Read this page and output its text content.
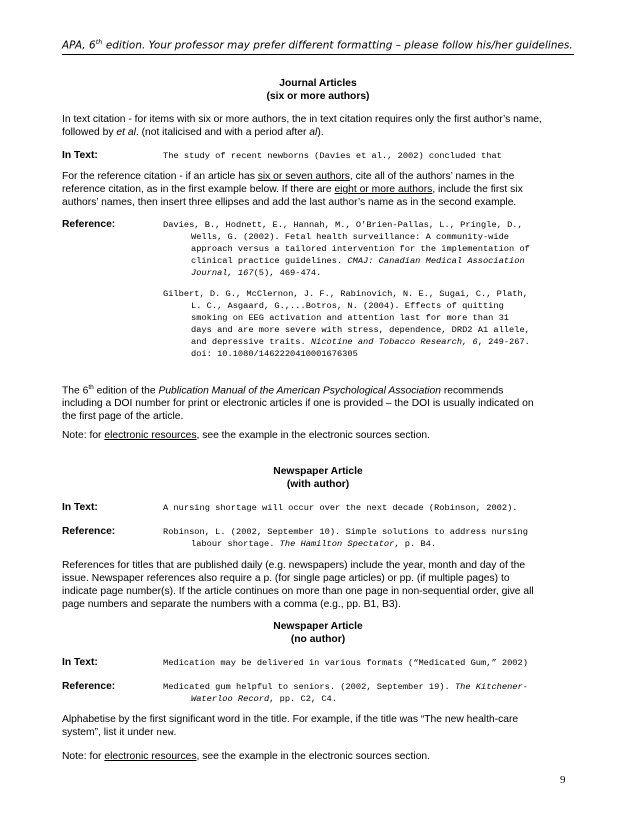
APA, 6th edition. Your professor may prefer different formatting – please follow his/her guidelines.
Journal Articles
(six or more authors)
In text citation - for items with six or more authors, the in text citation requires only the first author’s name,
followed by et al. (not italicised and with a period after al).
In Text:	The study of recent newborns (Davies et al., 2002) concluded that
For the reference citation - if an article has six or seven authors, cite all of the authors’ names in the
reference citation, as in the first example below. If there are eight or more authors, include the first six
authors’ names, then insert three ellipses and add the last author’s name as in the second example.
Reference:	Davies, B., Hodnett, E., Hannah, M., O'Brien-Pallas, L., Pringle, D.,
Wells, G. (2002). Fetal health surveillance: A community-wide
approach versus a tailored intervention for the implementation of
clinical practice guidelines. CMAJ: Canadian Medical Association
Journal, 167(5), 469-474.
Gilbert, D. G., McClernon, J. F., Rabinovich, N. E., Sugai, C., Plath,
L. C., Asgaard, G.,...Botros, N. (2004). Effects of quitting
smoking on EEG activation and attention last for more than 31
days and are more severe with stress, dependence, DRD2 A1 allele,
and depressive traits. Nicotine and Tobacco Research, 6, 249-267.
doi: 10.1080/1462220410001676305
The 6th edition of the Publication Manual of the American Psychological Association recommends
including a DOI number for print or electronic articles if one is provided – the DOI is usually indicated on
the first page of the article.
Note: for electronic resources, see the example in the electronic sources section.
Newspaper Article
(with author)
In Text:	A nursing shortage will occur over the next decade (Robinson, 2002).
Reference:	Robinson, L. (2002, September 10). Simple solutions to address nursing
labour shortage. The Hamilton Spectator, p. B4.
References for titles that are published daily (e.g. newspapers) include the year, month and day of the
issue. Newspaper references also require a p. (for single page articles) or pp. (if multiple pages) to
indicate page number(s). If the article continues on more than one page in non-sequential order, give all
page numbers and separate the numbers with a comma (e.g., pp. B1, B3).
Newspaper Article
(no author)
In Text:	Medication may be delivered in various formats (“Medicated Gum,” 2002)
Reference:	Medicated gum helpful to seniors. (2002, September 19). The Kitchener-
Waterloo Record, pp. C2, C4.
Alphabetise by the first significant word in the title. For example, if the title was “The new health-care
system”, list it under new.
Note: for electronic resources, see the example in the electronic sources section.
9
